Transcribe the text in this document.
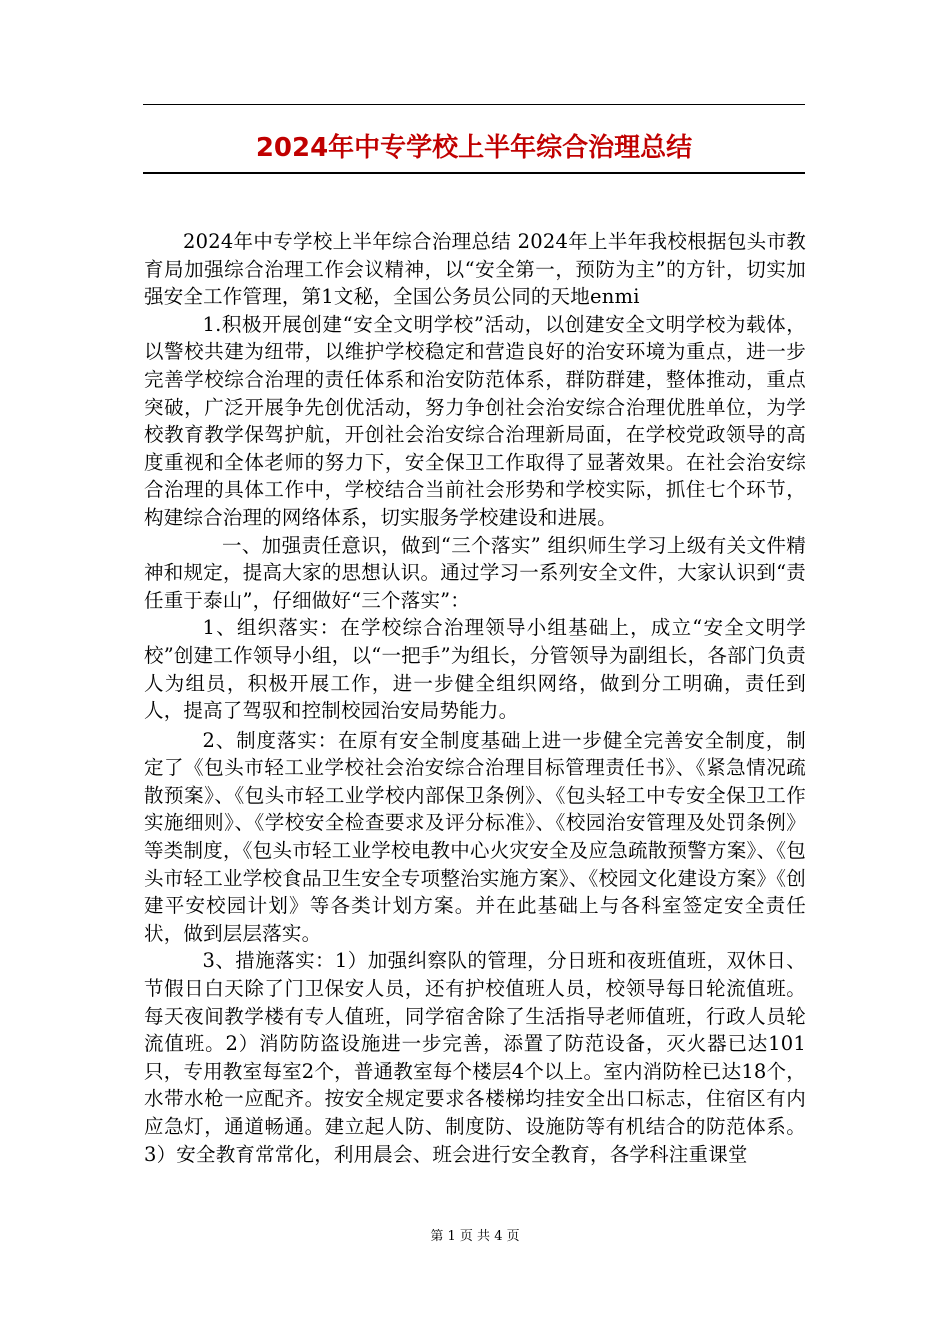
2024年中专学校上半年综合治理总结

2024年中专学校上半年综合治理总结 2024年上半年我校根据包头市教育局加强综合治理工作会议精神，以“安全第一，预防为主”的方针，切实加强安全工作管理，第1文秘，全国公务员公同的天地enmi

1.积极开展创建“安全文明学校”活动，以创建安全文明学校为载体，以警校共建为纽带，以维护学校稳定和营造良好的治安环境为重点，进一步完善学校综合治理的责任体系和治安防范体系，群防群建，整体推动，重点突破，广泛开展争先创优活动，努力争创社会治安综合治理优胜单位，为学校教育教学保驾护航，开创社会治安综合治理新局面，在学校党政领导的高度重视和全体老师的努力下，安全保卫工作取得了显著效果。在社会治安综合治理的具体工作中，学校结合当前社会形势和学校实际，抓住七个环节，构建综合治理的网络体系，切实服务学校建设和进展。

一、加强责任意识，做到“三个落实” 组织师生学习上级有关文件精神和规定，提高大家的思想认识。通过学习一系列安全文件，大家认识到“责任重于泰山”，仔细做好“三个落实”：

1、组织落实：在学校综合治理领导小组基础上，成立“安全文明学校”创建工作领导小组，以“一把手”为组长，分管领导为副组长，各部门负责人为组员，积极开展工作，进一步健全组织网络，做到分工明确，责任到人，提高了驾驭和控制校园治安局势能力。

2、制度落实：在原有安全制度基础上进一步健全完善安全制度，制定了《包头市轻工业学校社会治安综合治理目标管理责任书》、《紧急情况疏散预案》、《包头市轻工业学校内部保卫条例》、《包头轻工中专安全保卫工作实施细则》、《学校安全检查要求及评分标准》、《校园治安管理及处罚条例》等类制度，《包头市轻工业学校电教中心火灾安全及应急疏散预警方案》、《包头市轻工业学校食品卫生安全专项整治实施方案》、《校园文化建设方案》《创建平安校园计划》等各类计划方案。并在此基础上与各科室签定安全责任状，做到层层落实。

3、措施落实：1）加强纠察队的管理，分日班和夜班值班，双休日、节假日白天除了门卫保安人员，还有护校值班人员，校领导每日轮流值班。每天夜间教学楼有专人值班，同学宿舍除了生活指导老师值班，行政人员轮流值班。2）消防防盗设施进一步完善，添置了防范设备，灭火器已达101只，专用教室每室2个，普通教室每个楼层4个以上。室内消防栓已达18个，水带水枪一应配齐。按安全规定要求各楼梯均挂安全出口标志，住宿区有内应急灯，通道畅通。建立起人防、制度防、设施防等有机结合的防范体系。3）安全教育常常化，利用晨会、班会进行安全教育，各学科注重课堂

第 1 页 共 4 页
